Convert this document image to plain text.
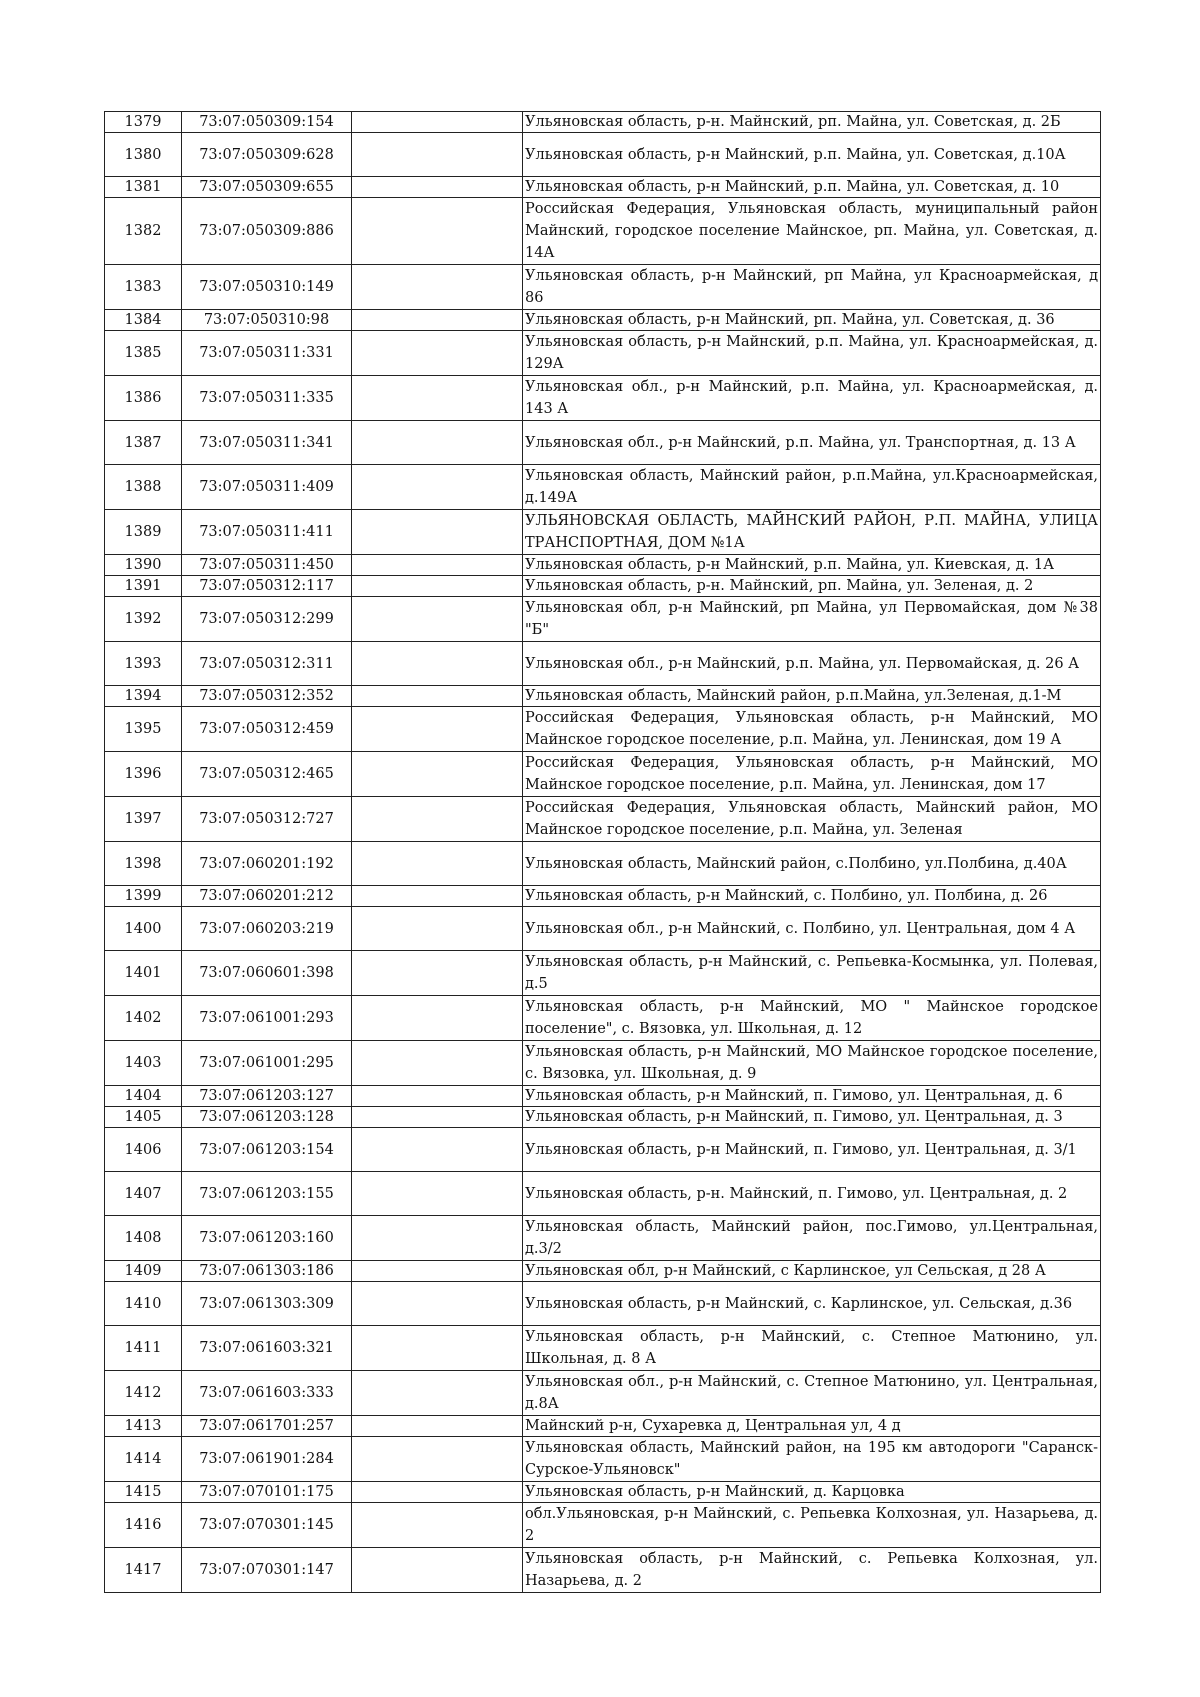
1379	73:07:050309:154		Ульяновская область, р-н. Майнский, рп. Майна, ул. Советская, д. 2Б
1380	73:07:050309:628		Ульяновская область, р-н Майнский, р.п. Майна, ул. Советская, д.10А
1381	73:07:050309:655		Ульяновская область, р-н Майнский, р.п. Майна, ул. Советская, д. 10
1382	73:07:050309:886		Российская Федерация, Ульяновская область, муниципальный район Майнский, городское поселение Майнское, рп. Майна, ул. Советская, д. 14А
1383	73:07:050310:149		Ульяновская область, р-н Майнский, рп Майна, ул Красноармейская, д 86
1384	73:07:050310:98		Ульяновская область, р-н Майнский, рп. Майна, ул. Советская, д. 36
1385	73:07:050311:331		Ульяновская область, р-н Майнский, р.п. Майна, ул. Красноармейская, д. 129А
1386	73:07:050311:335		Ульяновская обл., р-н Майнский, р.п. Майна, ул. Красноармейская, д. 143 А
1387	73:07:050311:341		Ульяновская обл., р-н Майнский, р.п. Майна, ул. Транспортная, д. 13 А
1388	73:07:050311:409		Ульяновская область, Майнский район, р.п.Майна, ул.Красноармейская, д.149А
1389	73:07:050311:411		УЛЬЯНОВСКАЯ ОБЛАСТЬ, МАЙНСКИЙ РАЙОН, Р.П. МАЙНА, УЛИЦА ТРАНСПОРТНАЯ, ДОМ №1А
1390	73:07:050311:450		Ульяновская область, р-н Майнский, р.п. Майна, ул. Киевская, д. 1А
1391	73:07:050312:117		Ульяновская область, р-н. Майнский, рп. Майна, ул. Зеленая, д. 2
1392	73:07:050312:299		Ульяновская обл, р-н Майнский, рп Майна, ул Первомайская, дом №38 "Б"
1393	73:07:050312:311		Ульяновская обл., р-н Майнский, р.п. Майна, ул. Первомайская, д. 26 А
1394	73:07:050312:352		Ульяновская область, Майнский район, р.п.Майна, ул.Зеленая, д.1-М
1395	73:07:050312:459		Российская Федерация, Ульяновская область, р-н Майнский, МО Майнское городское поселение, р.п. Майна, ул. Ленинская, дом 19 А
1396	73:07:050312:465		Российская Федерация, Ульяновская область, р-н Майнский, МО Майнское городское поселение, р.п. Майна, ул. Ленинская, дом 17
1397	73:07:050312:727		Российская Федерация, Ульяновская область, Майнский район, МО Майнское городское поселение, р.п. Майна, ул. Зеленая
1398	73:07:060201:192		Ульяновская область, Майнский район, с.Полбино, ул.Полбина, д.40А
1399	73:07:060201:212		Ульяновская область, р-н Майнский, с. Полбино, ул. Полбина, д. 26
1400	73:07:060203:219		Ульяновская обл., р-н Майнский, с. Полбино, ул. Центральная, дом 4 А
1401	73:07:060601:398		Ульяновская область, р-н Майнский, с. Репьевка-Космынка, ул. Полевая, д.5
1402	73:07:061001:293		Ульяновская область, р-н Майнский, МО " Майнское городское поселение", с. Вязовка, ул. Школьная, д. 12
1403	73:07:061001:295		Ульяновская область, р-н Майнский, МО Майнское городское поселение, с. Вязовка, ул. Школьная, д. 9
1404	73:07:061203:127		Ульяновская область, р-н Майнский, п. Гимово, ул. Центральная, д. 6
1405	73:07:061203:128		Ульяновская область, р-н Майнский, п. Гимово, ул. Центральная, д. 3
1406	73:07:061203:154		Ульяновская область, р-н Майнский, п. Гимово, ул. Центральная, д. 3/1
1407	73:07:061203:155		Ульяновская область, р-н. Майнский, п. Гимово, ул. Центральная, д. 2
1408	73:07:061203:160		Ульяновская область, Майнский район, пос.Гимово, ул.Центральная, д.3/2
1409	73:07:061303:186		Ульяновская обл, р-н Майнский, с Карлинское, ул Сельская, д 28 А
1410	73:07:061303:309		Ульяновская область, р-н Майнский, с. Карлинское, ул. Сельская, д.36
1411	73:07:061603:321		Ульяновская область, р-н Майнский, с. Степное Матюнино, ул. Школьная, д. 8 А
1412	73:07:061603:333		Ульяновская обл., р-н Майнский, с. Степное Матюнино, ул. Центральная, д.8А
1413	73:07:061701:257		Майнский р-н, Сухаревка д, Центральная ул, 4 д
1414	73:07:061901:284		Ульяновская область, Майнский район, на 195 км автодороги "Саранск-Сурское-Ульяновск"
1415	73:07:070101:175		Ульяновская область, р-н Майнский, д. Карцовка
1416	73:07:070301:145		обл.Ульяновская, р-н Майнский, с. Репьевка Колхозная, ул. Назарьева, д. 2
1417	73:07:070301:147		Ульяновская область, р-н Майнский, с. Репьевка Колхозная, ул. Назарьева, д. 2
